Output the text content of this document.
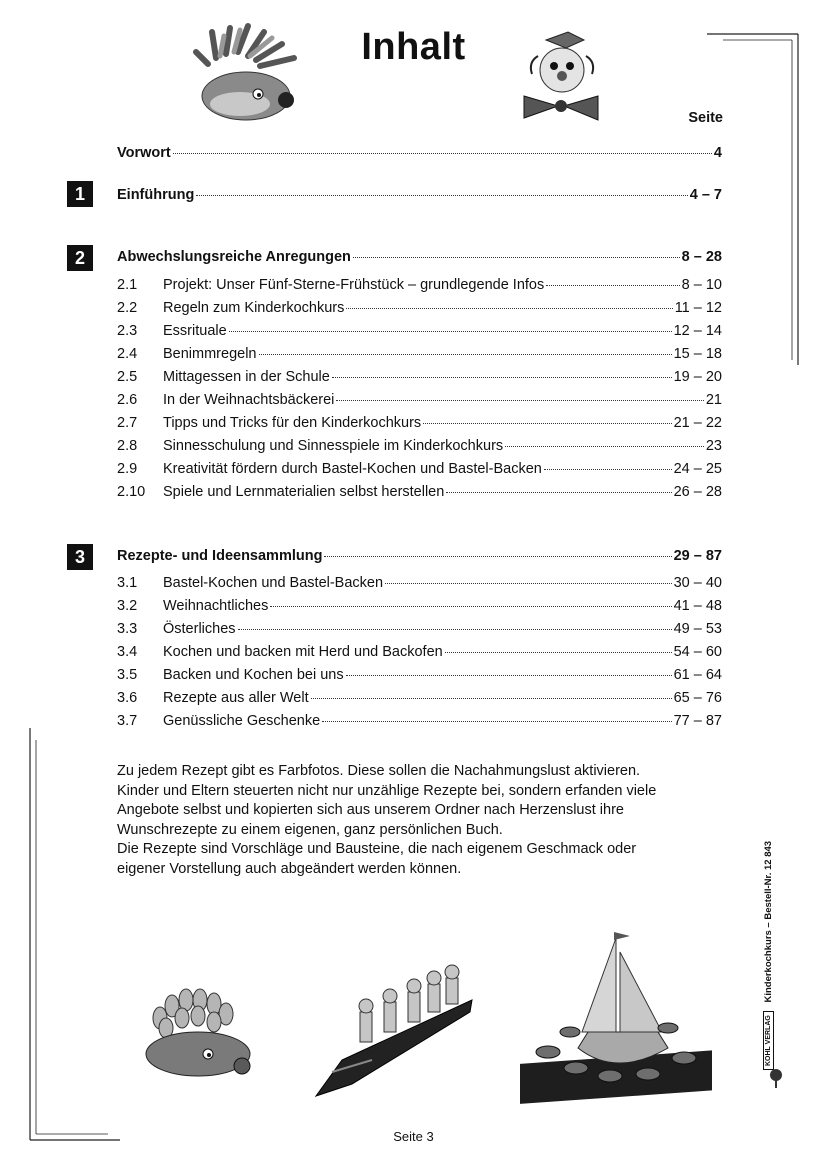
Inhalt
Seite
Vorwort	4
1	Einführung	4 – 7
2	Abwechslungsreiche Anregungen	8 – 28
2.1	Projekt: Unser Fünf-Sterne-Frühstück – grundlegende Infos	8 – 10
2.2	Regeln zum Kinderkochkurs	11 – 12
2.3	Essrituale	12 – 14
2.4	Benimmregeln	15 – 18
2.5	Mittagessen in der Schule	19 – 20
2.6	In der Weihnachtsbäckerei	21
2.7	Tipps und Tricks für den Kinderkochkurs	21 – 22
2.8	Sinnesschulung und Sinnesspiele im Kinderkochkurs	23
2.9	Kreativität fördern durch Bastel-Kochen und Bastel-Backen	24 – 25
2.10	Spiele und Lernmaterialien selbst herstellen	26 – 28
3	Rezepte- und Ideensammlung	29 – 87
3.1	Bastel-Kochen und Bastel-Backen	30 – 40
3.2	Weihnachtliches	41 – 48
3.3	Österliches	49 – 53
3.4	Kochen und backen mit Herd und Backofen	54 – 60
3.5	Backen und Kochen bei uns	61 – 64
3.6	Rezepte aus aller Welt	65 – 76
3.7	Genüssliche Geschenke	77 – 87

Zu jedem Rezept gibt es Farbfotos. Diese sollen die Nachahmungslust aktivieren.

Kinder und Eltern steuerten nicht nur unzählige Rezepte bei, sondern erfanden viele

Angebote selbst und kopierten sich aus unserem Ordner nach Herzenslust ihre

Wunschrezepte zu einem eigenen, ganz persönlichen Buch.

Die Rezepte sind Vorschläge und Bausteine, die nach eigenem Geschmack oder

eigener Vorstellung auch abgeändert werden können.

KOHL VERLAG Kinderkochkurs – Bestell-Nr. 12 843
Seite 3
